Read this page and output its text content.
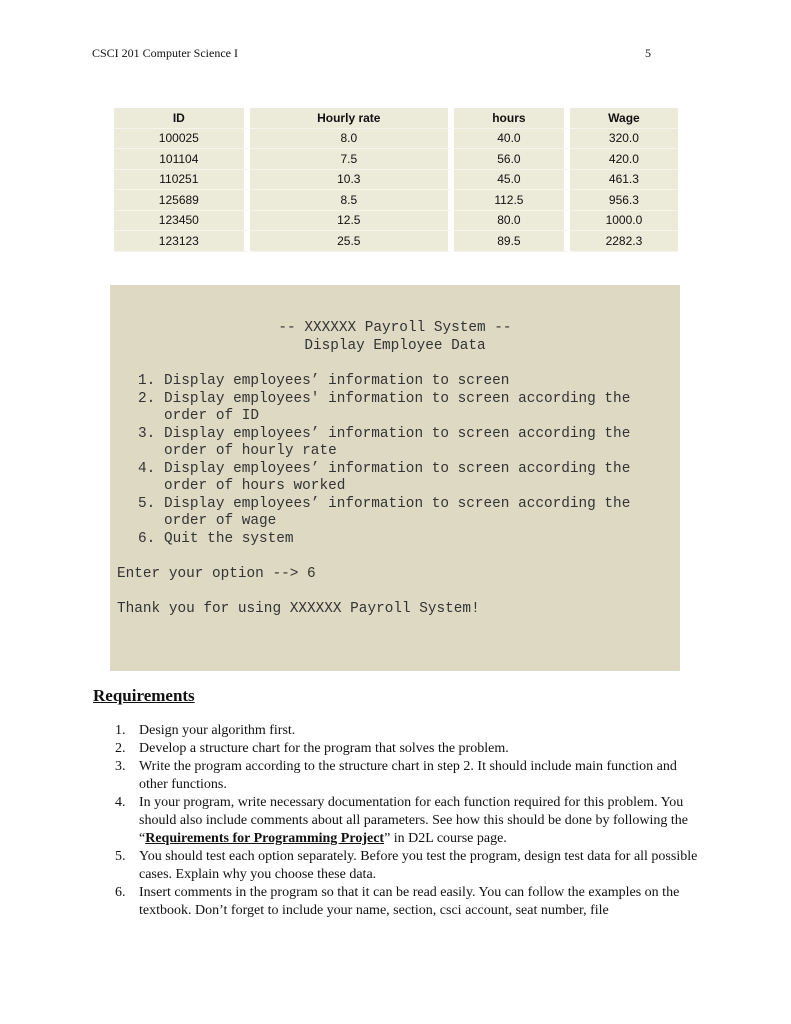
CSCI 201 Computer Science I	5
ID	Hourly rate	hours	Wage
100025	8.0	40.0	320.0
101104	7.5	56.0	420.0
110251	10.3	45.0	461.3
125689	8.5	112.5	956.3
123450	12.5	80.0	1000.0
123123	25.5	89.5	2282.3
-- XXXXXX Payroll System --
Display Employee Data
1. Display employees’ information to screen
2. Display employees' information to screen according the order of ID
3. Display employees’ information to screen according the order of hourly rate
4. Display employees’ information to screen according the order of hours worked
5. Display employees’ information to screen according the order of wage
6. Quit the system
Enter your option --> 6
Thank you for using XXXXXX Payroll System!
Requirements
1. Design your algorithm first.
2. Develop a structure chart for the program that solves the problem.
3. Write the program according to the structure chart in step 2. It should include main function and other functions.
4. In your program, write necessary documentation for each function required for this problem. You should also include comments about all parameters. See how this should be done by following the “Requirements for Programming Project” in D2L course page.
5. You should test each option separately. Before you test the program, design test data for all possible cases. Explain why you choose these data.
6. Insert comments in the program so that it can be read easily. You can follow the examples on the textbook. Don’t forget to include your name, section, csci account, seat number, file
